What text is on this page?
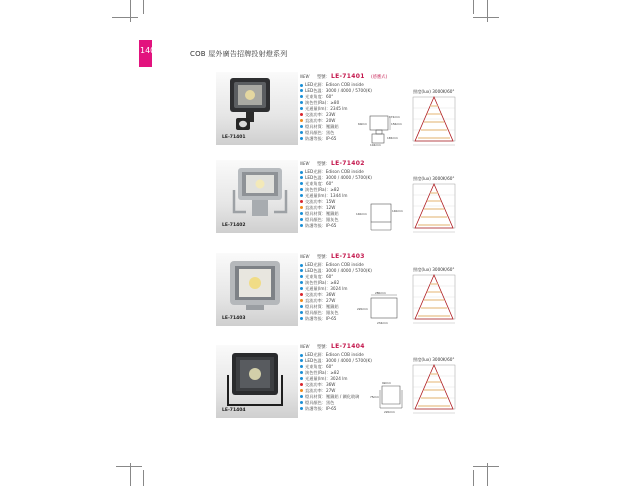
140	COB 屋外廣告招牌投射燈系列
LE-71401
NEW 型號： LE-71401 (感應式)
LED光源：Edison COB inside
LED色溫：3000 / 4000 / 5700(K)
光束角度：60°
演色性(Ra)：≥80
光通量(lm)：2345 lm
交流功率：23W
直流功率：20W
燈具材質：壓鑄鋁
燈具顏色：黑色
防護等級：IP-65
172mm
156mm
165mm
60mm
104mm
照度(lux) 3000K/60°
LE-71402
NEW 型號： LE-71402
LED光源：Edison COB inside
LED色溫：3000 / 4000 / 5700(K)
光束角度：60°
演色性(Ra)：≥82
光通量(lm)：1344 lm
交流功率：15W
直流功率：12W
燈具材質：壓鑄鋁
燈具顏色：銀灰色
防護等級：IP-65
140mm
140mm
照度(lux) 3000K/60°
LE-71403
NEW 型號： LE-71403
LED光源：Edison COB inside
LED色溫：3000 / 4000 / 5700(K)
光束角度：60°
演色性(Ra)：≥82
光通量(lm)：3024 lm
交流功率：36W
直流功率：27W
燈具材質：壓鑄鋁
燈具顏色：銀灰色
防護等級：IP-65
280mm
220mm
234mm
照度(lux) 3000K/60°
LE-71404
NEW 型號： LE-71404
LED光源：Edison COB inside
LED色溫：3000 / 4000 / 5700(K)
光束角度：60°
演色性(Ra)：≥82
光通量(lm)：3024 lm
交流功率：36W
直流功率：27W
燈具材質：壓鑄鋁 / 鋼化玻璃
燈具顏色：黑色
防護等級：IP-65
92mm
75mm
220mm
照度(lux) 3000K/60°
